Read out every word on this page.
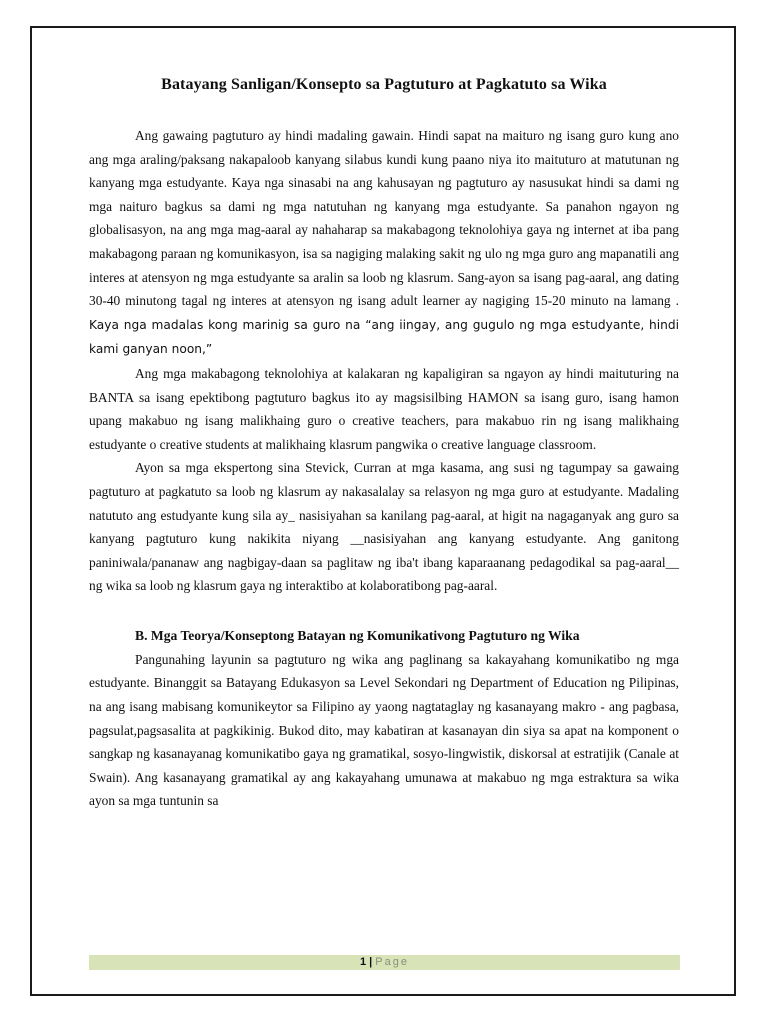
Batayang Sanligan/Konsepto sa Pagtuturo at Pagkatuto sa Wika

Ang gawaing pagtuturo ay hindi madaling gawain. Hindi sapat na maituro ng isang guro kung ano ang mga araling/paksang nakapaloob kanyang silabus kundi kung paano niya ito maituturo at matutunan ng kanyang mga estudyante. Kaya nga sinasabi na ang kahusayan ng pagtuturo ay nasusukat hindi sa dami ng mga naituro bagkus sa dami ng mga natutuhan ng kanyang mga estudyante. Sa panahon ngayon ng globalisasyon, na ang mga mag-aaral ay nahaharap sa makabagong teknolohiya gaya ng internet at iba pang makabagong paraan ng komunikasyon, isa sa nagiging malaking sakit ng ulo ng mga guro ang mapanatili ang interes at atensyon ng mga estudyante sa aralin sa loob ng klasrum. Sang-ayon sa isang pag-aaral, ang dating 30-40 minutong tagal ng interes at atensyon ng isang adult learner ay nagiging 15-20 minuto na lamang . Kaya nga madalas kong marinig sa guro na “ang iingay, ang gugulo ng mga estudyante, hindi kami ganyan noon,”

Ang mga makabagong teknolohiya at kalakaran ng kapaligiran sa ngayon ay hindi maituturing na BANTA sa isang epektibong pagtuturo bagkus ito ay magsisilbing HAMON sa isang guro, isang hamon upang makabuo ng isang malikhaing guro o creative teachers, para makabuo rin ng isang malikhaing estudyante o creative students at malikhaing klasrum pangwika o creative language classroom.

Ayon sa mga ekspertong sina Stevick, Curran at mga kasama, ang susi ng tagumpay sa gawaing pagtuturo at pagkatuto sa loob ng klasrum ay nakasalalay sa relasyon ng mga guro at estudyante. Madaling natututo ang estudyante kung sila ay_ nasisiyahan sa kanilang pag-aaral, at higit na nagaganyak ang guro sa kanyang pagtuturo kung nakikita niyang __nasisiyahan ang kanyang estudyante. Ang ganitong paniniwala/pananaw ang nagbigay-daan sa paglitaw ng iba't ibang kaparaanang pedagodikal sa pag-aaral__ ng wika sa loob ng klasrum gaya ng interaktibo at kolaboratibong pag-aaral.

B. Mga Teorya/Konseptong Batayan ng Komunikativong Pagtuturo ng Wika

Pangunahing layunin sa pagtuturo ng wika ang paglinang sa kakayahang komunikatibo ng mga estudyante. Binanggit sa Batayang Edukasyon sa Level Sekondari ng Department of Education ng Pilipinas, na ang isang mabisang komunikeytor sa Filipino ay yaong nagtataglay ng kasanayang makro - ang pagbasa, pagsulat,pagsasalita at pagkikinig. Bukod dito, may kabatiran at kasanayan din siya sa apat na komponent o sangkap ng kasanayanag komunikatibo gaya ng gramatikal, sosyo-lingwistik, diskorsal at estratijik (Canale at Swain). Ang kasanayang gramatikal ay ang kakayahang umunawa at makabuo ng mga estraktura sa wika ayon sa mga tuntunin sa

1 | Page
